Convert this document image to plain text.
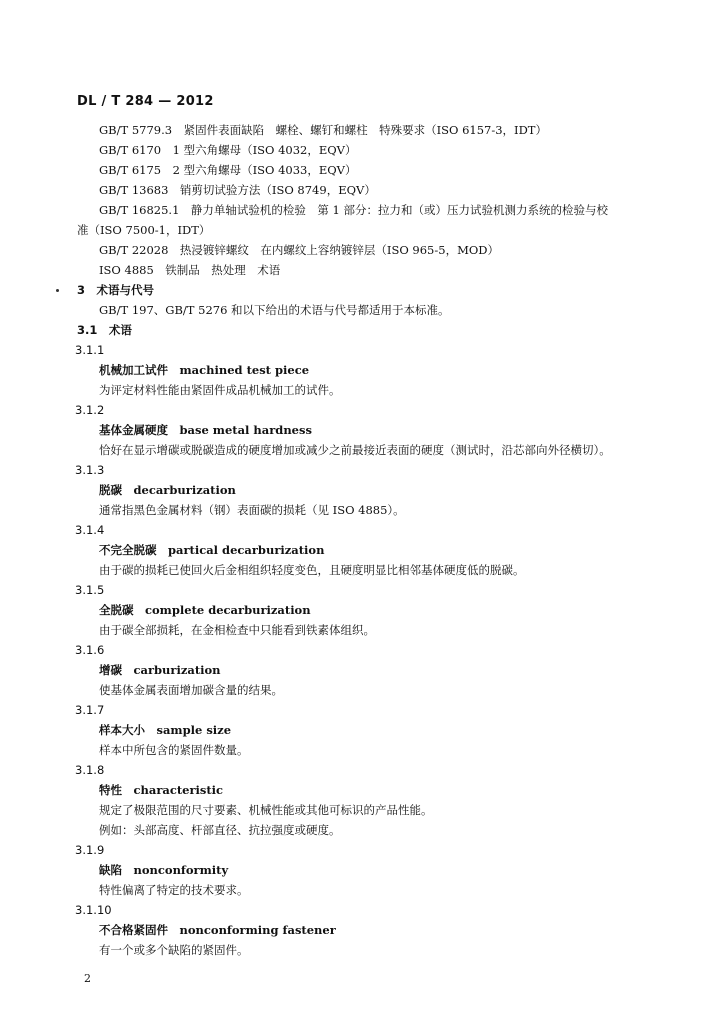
DL / T 284 — 2012
GB/T 5779.3　紧固件表面缺陷　螺栓、螺钉和螺柱　特殊要求（ISO 6157-3，IDT）
GB/T 6170　1 型六角螺母（ISO 4032，EQV）
GB/T 6175　2 型六角螺母（ISO 4033，EQV）
GB/T 13683　销剪切试验方法（ISO 8749，EQV）
GB/T 16825.1　静力单轴试验机的检验　第 1 部分：拉力和（或）压力试验机测力系统的检验与校
准（ISO 7500-1，IDT）
GB/T 22028　热浸镀锌螺纹　在内螺纹上容纳镀锌层（ISO 965-5，MOD）
ISO 4885　铁制品　热处理　术语
3　术语与代号
GB/T 197、GB/T 5276 和以下给出的术语与代号都适用于本标准。
3.1　术语
3.1.1
机械加工试件　machined test piece
为评定材料性能由紧固件成品机械加工的试件。
3.1.2
基体金属硬度　base metal hardness
恰好在显示增碳或脱碳造成的硬度增加或减少之前最接近表面的硬度（测试时，沿芯部向外径横切）。
3.1.3
脱碳　decarburization
通常指黑色金属材料（钢）表面碳的损耗（见 ISO 4885）。
3.1.4
不完全脱碳　partical decarburization
由于碳的损耗已使回火后金相组织轻度变色，且硬度明显比相邻基体硬度低的脱碳。
3.1.5
全脱碳　complete decarburization
由于碳全部损耗，在金相检查中只能看到铁素体组织。
3.1.6
增碳　carburization
使基体金属表面增加碳含量的结果。
3.1.7
样本大小　sample size
样本中所包含的紧固件数量。
3.1.8
特性　characteristic
规定了极限范围的尺寸要素、机械性能或其他可标识的产品性能。
例如：头部高度、杆部直径、抗拉强度或硬度。
3.1.9
缺陷　nonconformity
特性偏离了特定的技术要求。
3.1.10
不合格紧固件　nonconforming fastener
有一个或多个缺陷的紧固件。
2
